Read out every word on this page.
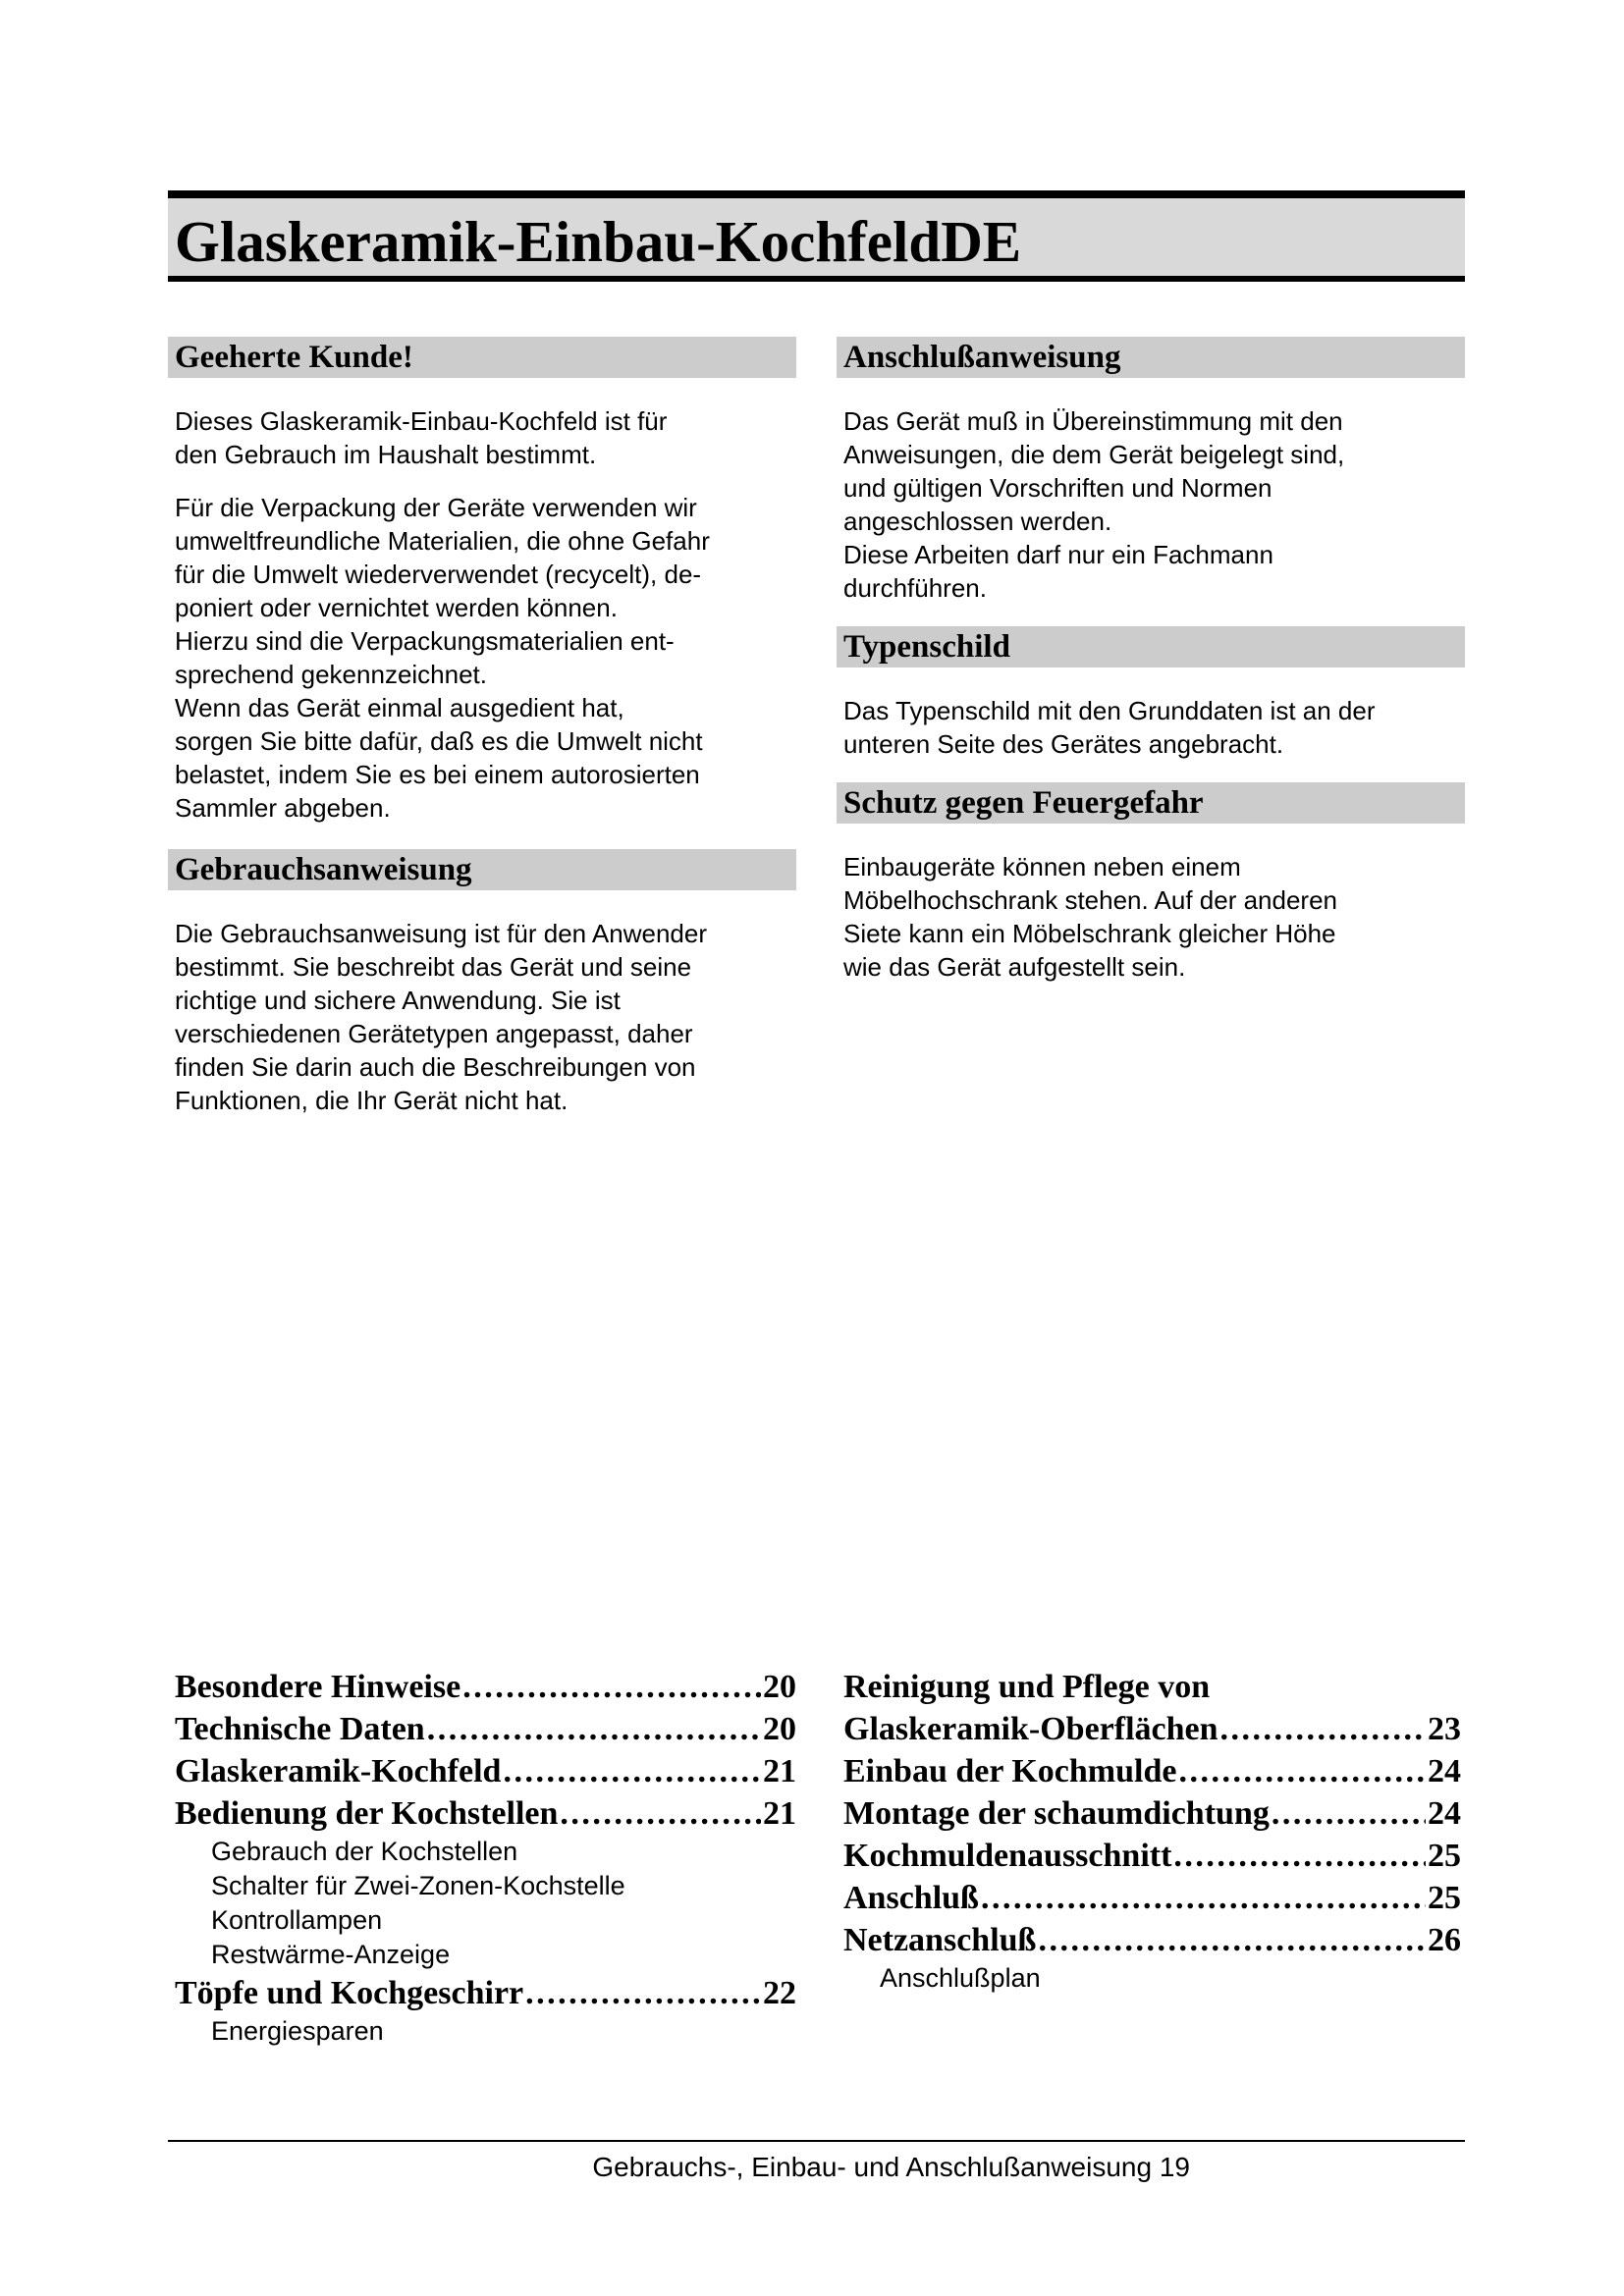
Glaskeramik-Einbau-KochfeldDE
Geeherte Kunde!

Dieses Glaskeramik-Einbau-Kochfeld ist für
den Gebrauch im Haushalt bestimmt.

Für die Verpackung der Geräte verwenden wir
umweltfreundliche Materialien, die ohne Gefahr
für die Umwelt wiederverwendet (recycelt), de-
poniert oder vernichtet werden können.
Hierzu sind die Verpackungsmaterialien ent-
sprechend gekennzeichnet.
Wenn das Gerät einmal ausgedient hat,
sorgen Sie bitte dafür, daß es die Umwelt nicht
belastet, indem Sie es bei einem autorosierten
Sammler abgeben.

Gebrauchsanweisung

Die Gebrauchsanweisung ist für den Anwender
bestimmt. Sie beschreibt das Gerät und seine
richtige und sichere Anwendung. Sie ist
verschiedenen Gerätetypen angepasst, daher
finden Sie darin auch die Beschreibungen von
Funktionen, die Ihr Gerät nicht hat.

Anschlußanweisung

Das Gerät muß in Übereinstimmung mit den
Anweisungen, die dem Gerät beigelegt sind,
und gültigen Vorschriften und Normen
angeschlossen werden.
Diese Arbeiten darf nur ein Fachmann
durchführen.

Typenschild

Das Typenschild mit den Grunddaten ist an der
unteren Seite des Gerätes angebracht.

Schutz gegen Feuergefahr

Einbaugeräte können neben einem
Möbelhochschrank stehen. Auf der anderen
Siete kann ein Möbelschrank gleicher Höhe
wie das Gerät aufgestellt sein.

Besondere Hinweise . . .	20
Technische Daten . . .	20
Glaskeramik-Kochfeld . . .	21
Bedienung der Kochstellen . . .	21
Gebrauch der Kochstellen
Schalter für Zwei-Zonen-Kochstelle
Kontrollampen
Restwärme-Anzeige
Töpfe und Kochgeschirr . . .	22
Energiesparen
Reinigung und Pflege von
Glaskeramik-Oberflächen . . .	23
Einbau der Kochmulde . . .	24
Montage der schaumdichtung . . .	24
Kochmuldenausschnitt . . .	25
Anschluß . . .	25
Netzanschluß . . .	26
Anschlußplan
Gebrauchs-, Einbau- und Anschlußanweisung 19
